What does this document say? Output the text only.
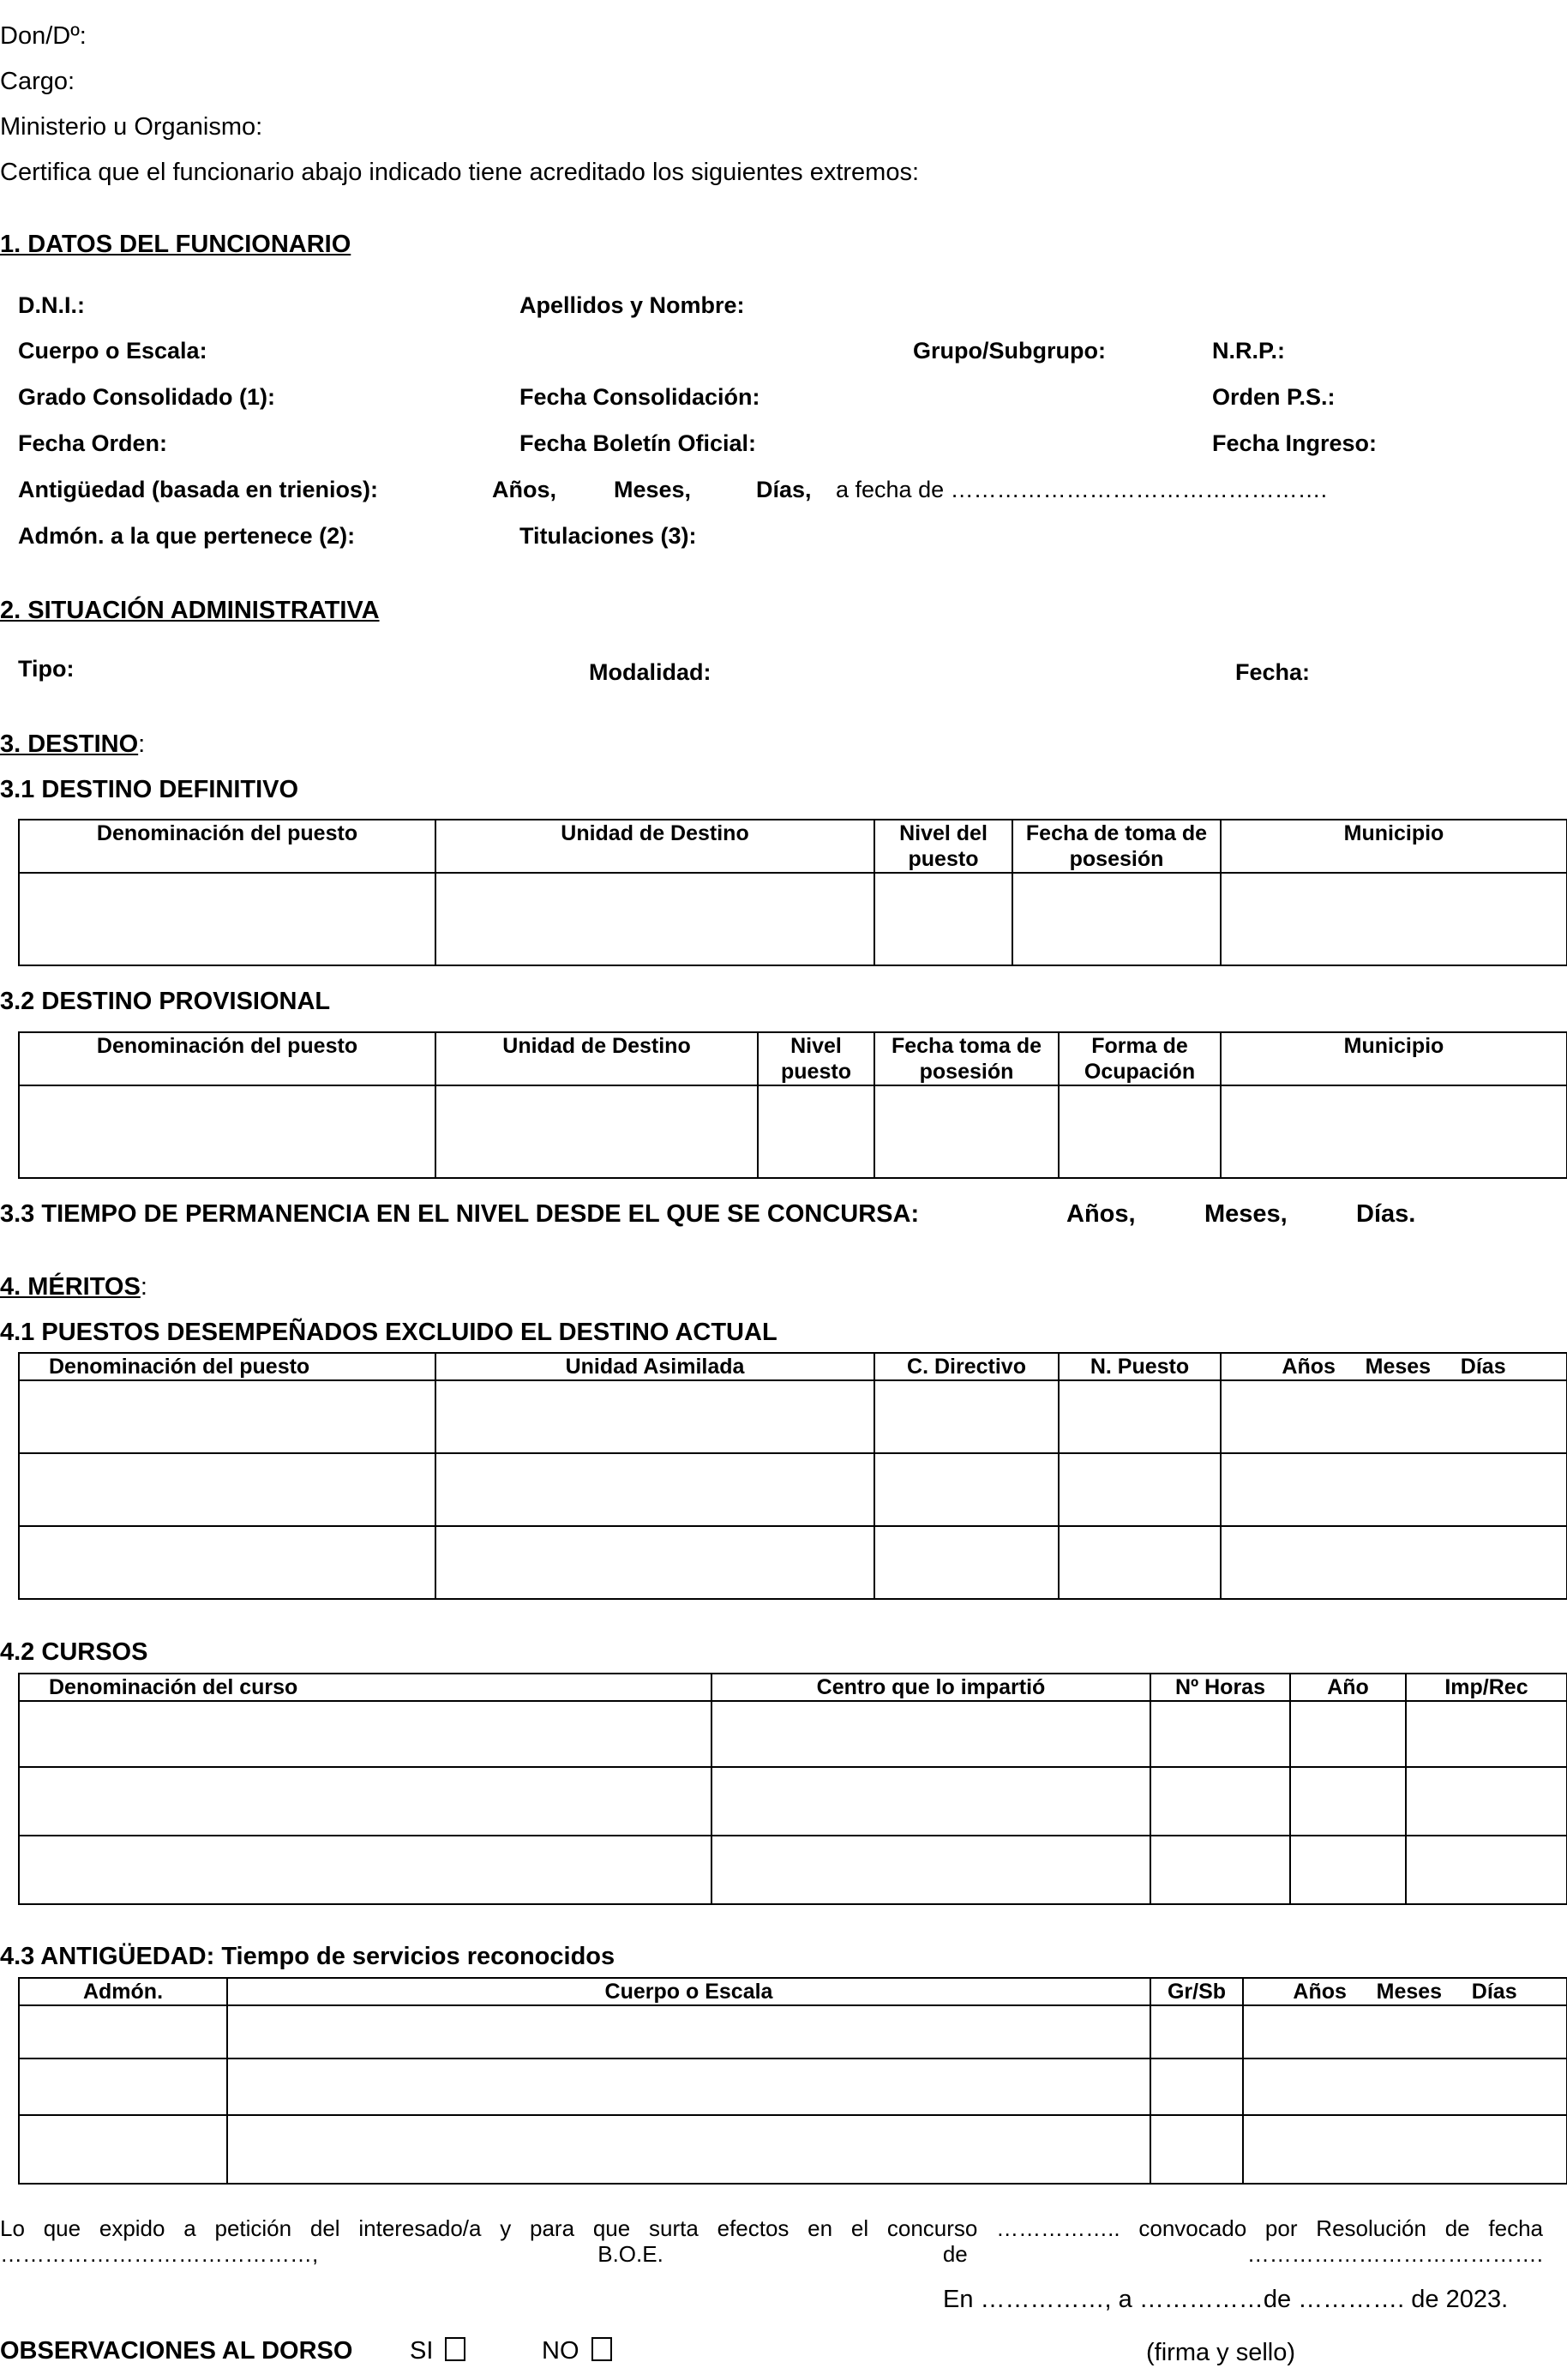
Don/Dº:
Cargo:
Ministerio u Organismo:
Certifica que el funcionario abajo indicado tiene acreditado los siguientes extremos:
1. DATOS DEL FUNCIONARIO
D.N.I.:	Apellidos y Nombre:
Cuerpo o Escala:	Grupo/Subgrupo:	N.R.P.:
Grado Consolidado (1):	Fecha Consolidación:	Orden P.S.:
Fecha Orden:	Fecha Boletín Oficial:	Fecha Ingreso:
Antigüedad (basada en trienios):	Años, Meses,	Días, a fecha de ………………………………………….
Admón. a la que pertenece (2):	Titulaciones (3):
2. SITUACIÓN ADMINISTRATIVA
Tipo:	Modalidad:	Fecha:
3. DESTINO:
3.1 DESTINO DEFINITIVO
Denominación del puesto	Unidad de Destino	Nivel del puesto	Fecha de toma de posesión	Municipio

3.2 DESTINO PROVISIONAL
Denominación del puesto	Unidad de Destino	Nivel puesto	Fecha toma de posesión	Forma de Ocupación	Municipio

3.3 TIEMPO DE PERMANENCIA EN EL NIVEL DESDE EL QUE SE CONCURSA:	Años,	Meses,	Días.
4. MÉRITOS:
4.1 PUESTOS DESEMPEÑADOS EXCLUIDO EL DESTINO ACTUAL
Denominación del puesto	Unidad Asimilada	C. Directivo	N. Puesto	Años     Meses     Días

4.2 CURSOS
Denominación del curso	Centro que lo impartió	Nº Horas	Año	Imp/Rec

4.3 ANTIGÜEDAD: Tiempo de servicios reconocidos
Admón.	Cuerpo o Escala	Gr/Sb	Años     Meses     Días

Lo que expido a petición del interesado/a y para que surta efectos en el concurso …………….. convocado por Resolución de fecha ……………………………………, B.O.E. de ………………………………….
En ……………, a ……………de …………. de 2023.
OBSERVACIONES AL DORSO SI	NO	(firma y sello)
